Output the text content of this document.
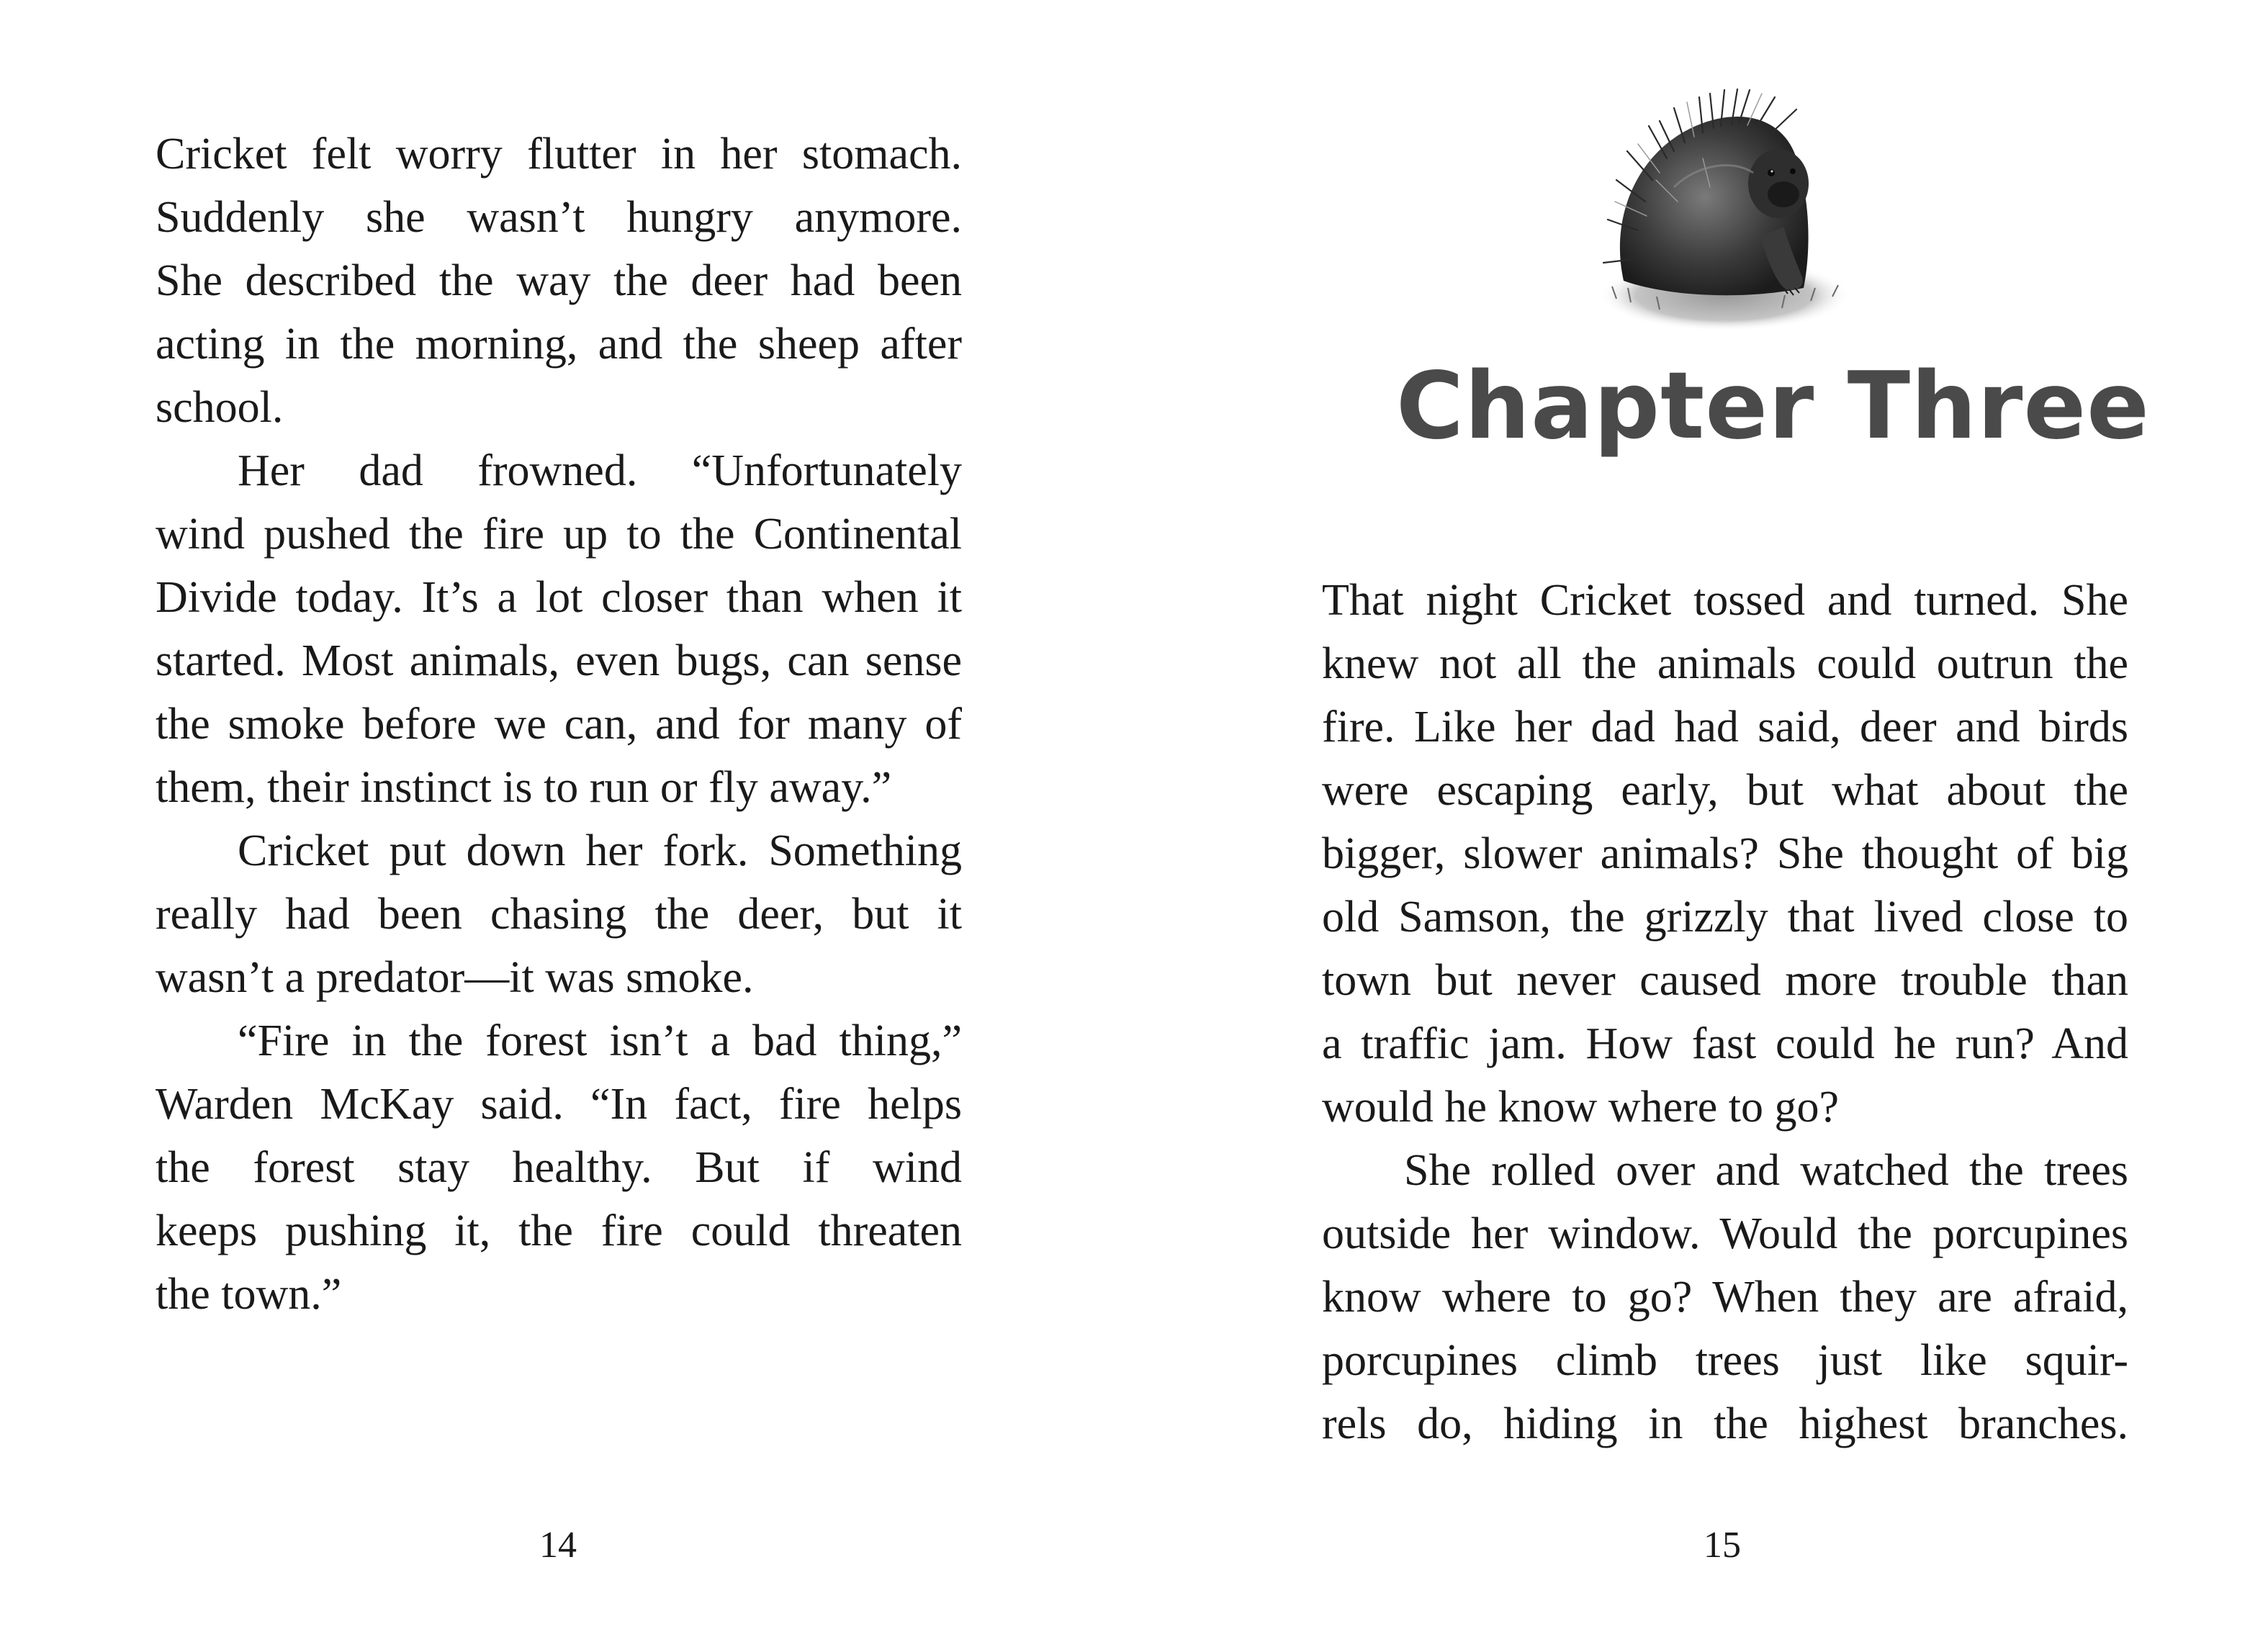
Cricket felt worry flutter in her stomach.
Suddenly she wasn’t hungry anymore.
She described the way the deer had been
acting in the morning, and the sheep after
school.
Her dad frowned. “Unfortunately
wind pushed the fire up to the Continental
Divide today. It’s a lot closer than when it
started. Most animals, even bugs, can sense
the smoke before we can, and for many of
them, their instinct is to run or fly away.”
Cricket put down her fork. Something
really had been chasing the deer, but it
wasn’t a predator—it was smoke.
“Fire in the forest isn’t a bad thing,”
Warden McKay said. “In fact, fire helps
the forest stay healthy. But if wind
keeps pushing it, the fire could threaten
the town.”
14
Chapter Three
That night Cricket tossed and turned. She
knew not all the animals could outrun the
fire. Like her dad had said, deer and birds
were escaping early, but what about the
bigger, slower animals? She thought of big
old Samson, the grizzly that lived close to
town but never caused more trouble than
a traffic jam. How fast could he run? And
would he know where to go?
She rolled over and watched the trees
outside her window. Would the porcupines
know where to go? When they are afraid,
porcupines climb trees just like squir-
rels do, hiding in the highest branches.
15
